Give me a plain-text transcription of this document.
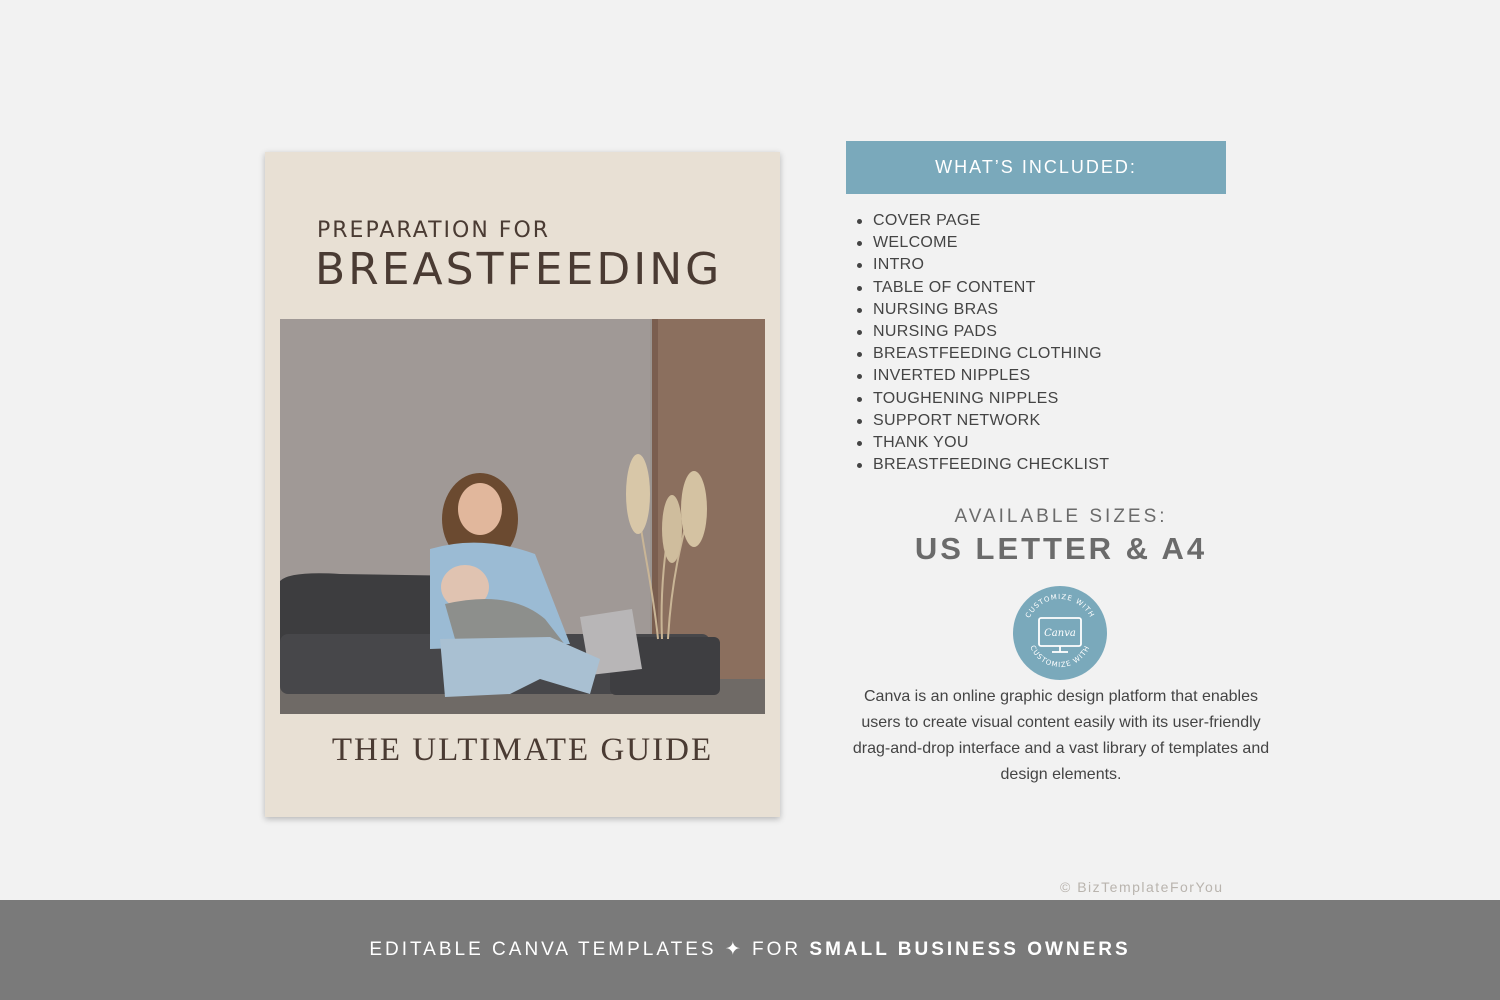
PREPARATION FOR
BREASTFEEDING
THE ULTIMATE GUIDE
WHAT’S INCLUDED:
COVER PAGE
WELCOME
INTRO
TABLE OF CONTENT
NURSING BRAS
NURSING PADS
BREASTFEEDING CLOTHING
INVERTED NIPPLES
TOUGHENING NIPPLES
SUPPORT NETWORK
THANK YOU
BREASTFEEDING CHECKLIST
AVAILABLE SIZES:
US LETTER & A4
CUSTOMIZE WITH
CUSTOMIZE WITH
Canva
Canva is an online graphic design platform that enables users to create visual content easily with its user-friendly drag-and-drop interface and a vast library of templates and design elements.
© BizTemplateForYou
EDITABLE CANVA TEMPLATES ✦ FOR SMALL BUSINESS OWNERS
